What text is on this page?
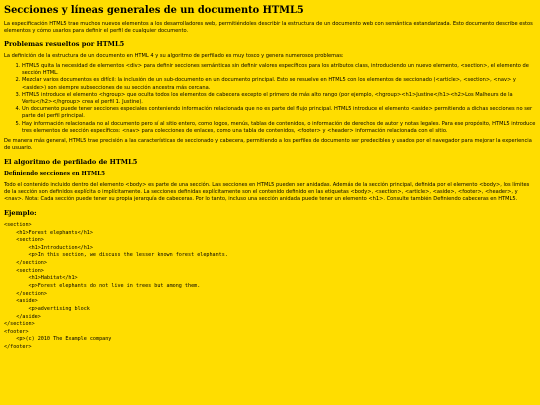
Secciones y líneas generales de un documento HTML5

La especificación HTML5 trae muchos nuevos elementos a los desarrolladores web, permitiéndoles describir la estructura de un documento web con semántica estandarizada. Esto documento describe estos elementos y cómo usarlos para definir el perfil de cualquier documento.

Problemas resueltos por HTML5

La definición de la estructura de un documento en HTML 4 y su algoritmo de perfilado es muy tosco y genera numerosos problemas:

1. HTML5 quita la necesidad de elementos <div> para definir secciones semánticas sin definir valores específicos para los atributos class, introduciendo un nuevo elemento, <section>, el elemento de sección HTML.
2. Mezclar varios documentos es difícil: la inclusión de un sub-documento en un documento principal. Esto se resuelve en HTML5 con los elementos de seccionado (<article>, <section>, <nav> y <aside>) son siempre subsecciones de su sección ancestra más cercana.
3. HTML5 introduce el elemento <hgroup> que oculta todos los elementos de cabecera excepto el primero de más alto rango (por ejemplo, <hgroup><h1>Justine</h1><h2>Los Malheurs de la Vertu</h2></hgroup> crea el perfil 1. Justine).
4. Un documento puede tener secciones especiales conteniendo información relacionada que no es parte del flujo principal. HTML5 introduce el elemento <aside> permitiendo a dichas secciones no ser parte del perfil principal.
5. Hay información relacionada no al documento pero sí al sitio entero, como logos, menús, tablas de contenidos, o información de derechos de autor y notas legales. Para ese propósito, HTML5 introduce tres elementos de sección específicos: <nav> para colecciones de enlaces, como una tabla de contenidos, <footer> y <header> información relacionada con el sitio.

De manera más general, HTML5 trae precisión a las características de seccionado y cabecera, permitiendo a los perfiles de documento ser predecibles y usados por el navegador para mejorar la experiencia de usuario.

El algoritmo de perfilado de HTML5
Definiendo secciones en HTML5

Todo el contenido incluido dentro del elemento <body> es parte de una sección. Las secciones en HTML5 pueden ser anidadas. Además de la sección principal, definida por el elemento <body>, los límites de la sección son definidos explícita o implícitamente. La secciones definidas explícitamente son el contenido definido en las etiquetas <body>, <section>, <article>, <aside>, <footer>, <header>, y <nav>. Nota: Cada sección puede tener su propia jerarquía de cabeceras. Por lo tanto, incluso una sección anidada puede tener un elemento <h1>. Consulte también Definiendo cabeceras en HTML5.

Ejemplo:
<section>
<h1>Forest elephants</h1>
<section>
<h1>Introduction</h1>
<p>In this section, we discuss the lesser known forest elephants.
</section>
<section>
<h1>Habitat</h1>
<p>Forest elephants do not live in trees but among them.
</section>
<aside>
<p>advertising block
</aside>
</section>
<footer>
<p>(c) 2010 The Example company
</footer>
